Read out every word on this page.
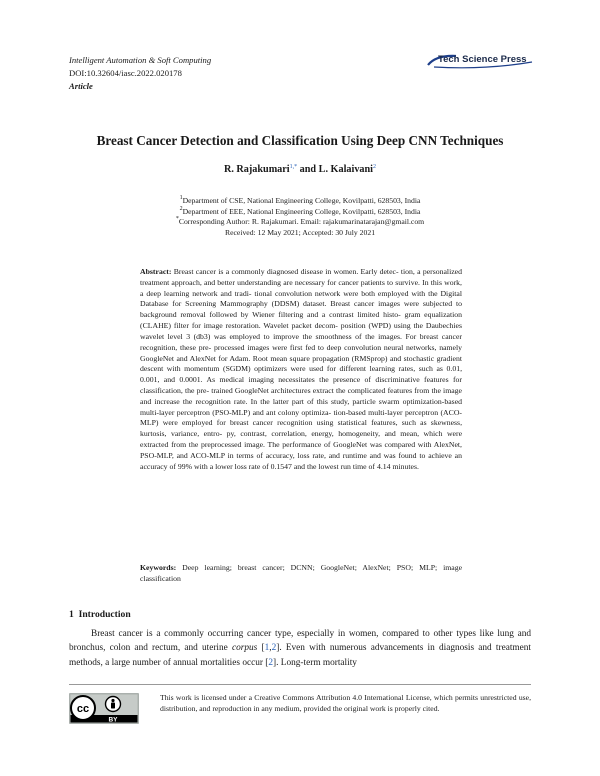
Intelligent Automation & Soft Computing
DOI:10.32604/iasc.2022.020178
Article
Tech Science Press
Breast Cancer Detection and Classification Using Deep CNN Techniques
R. Rajakumari$^{1,*}$ and L. Kalaivani$^2$
$^1$Department of CSE, National Engineering College, Kovilpatti, 628503, India
$^2$Department of EEE, National Engineering College, Kovilpatti, 628503, India
*Corresponding Author: R. Rajakumari. Email: rajakumarinatarajan@gmail.com
Received: 12 May 2021; Accepted: 30 July 2021
Abstract: Breast cancer is a commonly diagnosed disease in women. Early detec- tion, a personalized treatment approach, and better understanding are necessary for cancer patients to survive. In this work, a deep learning network and tradi- tional convolution network were both employed with the Digital Database for Screening Mammography (DDSM) dataset. Breast cancer images were subjected to background removal followed by Wiener filtering and a contrast limited histo- gram equalization (CLAHE) filter for image restoration. Wavelet packet decom- position (WPD) using the Daubechies wavelet level 3 (db3) was employed to improve the smoothness of the images. For breast cancer recognition, these pre- processed images were first fed to deep convolution neural networks, namely GoogleNet and AlexNet for Adam. Root mean square propagation (RMSprop) and stochastic gradient descent with momentum (SGDM) optimizers were used for different learning rates, such as 0.01, 0.001, and 0.0001. As medical imaging necessitates the presence of discriminative features for classification, the pre- trained GoogleNet architectures extract the complicated features from the image and increase the recognition rate. In the latter part of this study, particle swarm optimization-based multi-layer perceptron (PSO-MLP) and ant colony optimiza- tion-based multi-layer perceptron (ACO-MLP) were employed for breast cancer recognition using statistical features, such as skewness, kurtosis, variance, entro- py, contrast, correlation, energy, homogeneity, and mean, which were extracted from the preprocessed image. The performance of GoogleNet was compared with AlexNet, PSO-MLP, and ACO-MLP in terms of accuracy, loss rate, and runtime and was found to achieve an accuracy of 99% with a lower loss rate of 0.1547 and the lowest run time of 4.14 minutes.
Keywords: Deep learning; breast cancer; DCNN; GoogleNet; AlexNet; PSO; MLP; image classification
1 Introduction
Breast cancer is a commonly occurring cancer type, especially in women, compared to other types like lung and bronchus, colon and rectum, and uterine corpus [1,2]. Even with numerous advancements in diagnosis and treatment methods, a large number of annual mortalities occur [2]. Long-term mortality
cc
BY
This work is licensed under a Creative Commons Attribution 4.0 International License, which permits unrestricted use, distribution, and reproduction in any medium, provided the original work is properly cited.
